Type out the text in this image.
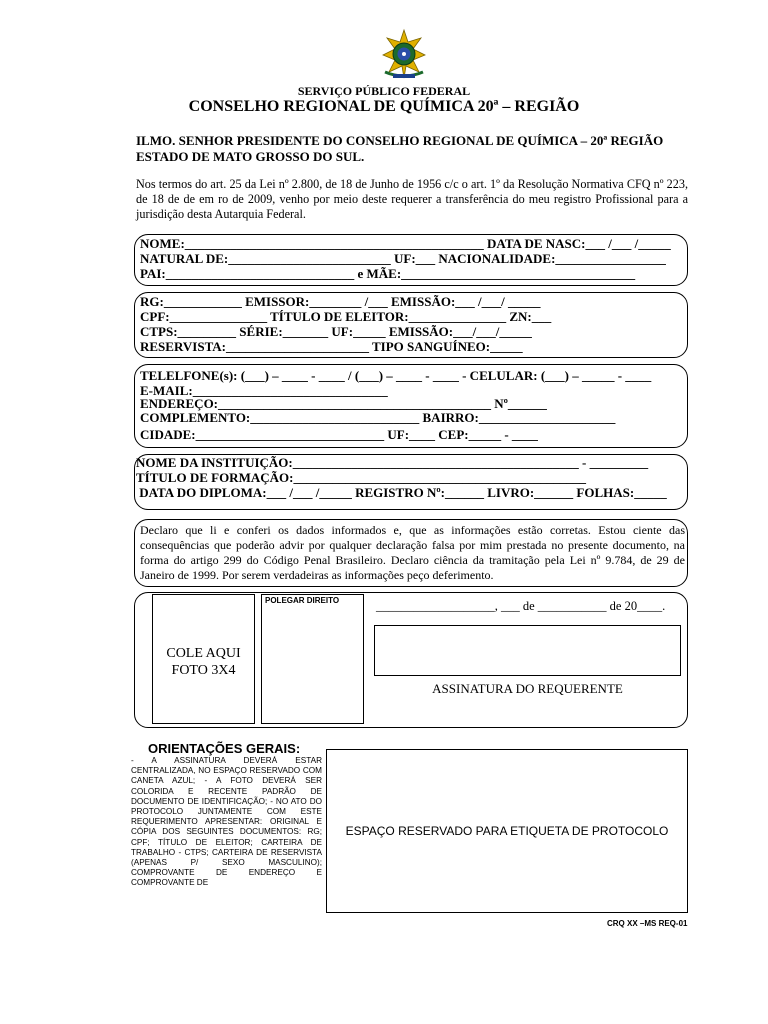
SERVIÇO PÚBLICO FEDERAL
CONSELHO REGIONAL DE QUÍMICA 20ª – REGIÃO
ILMO. SENHOR PRESIDENTE DO CONSELHO REGIONAL DE QUÍMICA – 20ª REGIÃO
ESTADO DE MATO GROSSO DO SUL.
Nos termos do art. 25 da Lei nº 2.800, de 18 de Junho de 1956 c/c o art. 1º da Resolução Normativa CFQ nº 223, de 18 de de em ro de 2009, venho por meio deste requerer a transferência do meu registro Profissional para a jurisdição desta Autarquia Federal.
NOME:______________________________________________ DATA DE NASC:___ /___ /_____
NATURAL DE:_________________________ UF:___ NACIONALIDADE:_________________
PAI:_____________________________ e MÃE:____________________________________
RG:____________ EMISSOR:________ /___ EMISSÃO:___ /___/ _____
CPF:_______________ TÍTULO DE ELEITOR:_______________ ZN:___
CTPS:_________ SÉRIE:_______ UF:_____ EMISSÃO:___/___/_____
RESERVISTA:______________________ TIPO SANGUÍNEO:_____
TELELFONE(s): (___) – ____ - ____ / (___) – ____ - ____ - CELULAR: (___) – _____ - ____
E-MAIL:______________________________
ENDEREÇO:__________________________________________ Nº______
COMPLEMENTO:__________________________ BAIRRO:_____________________
CIDADE:_____________________________ UF:____ CEP:_____ - ____
NOME DA INSTITUIÇÃO:____________________________________________ - _________
TÍTULO DE FORMAÇÃO:_____________________________________________
DATA DO DIPLOMA:___ /___ /_____ REGISTRO Nº:______ LIVRO:______ FOLHAS:_____
Declaro que li e conferi os dados informados e, que as informações estão corretas. Estou ciente das consequências que poderão advir por qualquer declaração falsa por mim prestada no presente documento, na forma do artigo 299 do Código Penal Brasileiro. Declaro ciência da tramitação pela Lei nº 9.784, de 29 de Janeiro de 1999. Por serem verdadeiras as informações peço deferimento.
COLE AQUI
FOTO 3X4
POLEGAR DIREITO	___________________, ___ de ___________ de 20____.
ASSINATURA DO REQUERENTE
ORIENTAÇÕES GERAIS:
- A ASSINATURA DEVERÁ ESTAR CENTRALIZADA, NO ESPAÇO RESERVADO COM CANETA AZUL; - A FOTO DEVERÁ SER COLORIDA E RECENTE PADRÃO DE DOCUMENTO DE IDENTIFICAÇÃO; - NO ATO DO PROTOCOLO JUNTAMENTE COM ESTE REQUERIMENTO APRESENTAR: ORIGINAL E CÓPIA DOS SEGUINTES DOCUMENTOS: RG; CPF; TÍTULO DE ELEITOR; CARTEIRA DE TRABALHO - CTPS; CARTEIRA DE RESERVISTA (APENAS P/ SEXO MASCULINO); COMPROVANTE DE ENDEREÇO E COMPROVANTE DE
ESPAÇO RESERVADO PARA ETIQUETA DE PROTOCOLO
CRQ XX –MS REQ-01
